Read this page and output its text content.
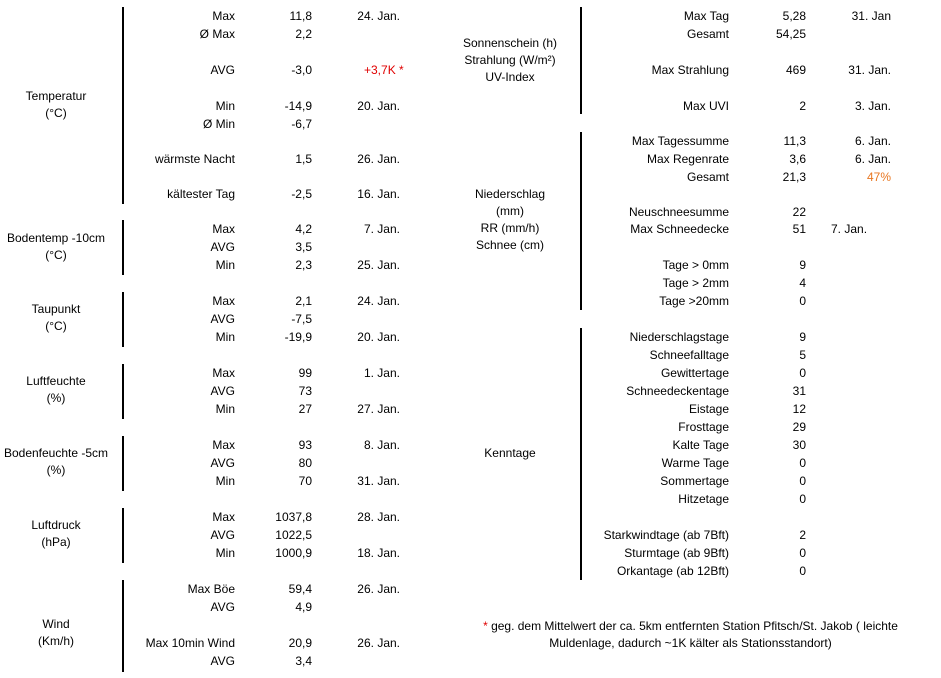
Temperatur
(°C)
Max	11,8	24. Jan.
Ø Max	2,2
AVG	-3,0	+3,7K *
Min	-14,9	20. Jan.
Ø Min	-6,7
wärmste Nacht	1,5	26. Jan.
kältester Tag	-2,5	16. Jan.
Bodentemp -10cm
(°C)
Max	4,2	7. Jan.
AVG	3,5
Min	2,3	25. Jan.
Taupunkt
(°C)
Max	2,1	24. Jan.
AVG	-7,5
Min	-19,9	20. Jan.
Luftfeuchte
(%)
Max	99	1. Jan.
AVG	73
Min	27	27. Jan.
Bodenfeuchte -5cm
(%)
Max	93	8. Jan.
AVG	80
Min	70	31. Jan.
Luftdruck
(hPa)
Max	1037,8	28. Jan.
AVG	1022,5
Min	1000,9	18. Jan.
Wind
(Km/h)
Max Böe	59,4	26. Jan.
AVG	4,9
Max 10min Wind	20,9	26. Jan.
AVG	3,4
Sonnenschein (h)
Strahlung (W/m²)
UV-Index
Max Tag	5,28	31. Jan
Gesamt	54,25
Max Strahlung	469	31. Jan.
Max UVI	2	3. Jan.
Niederschlag
(mm)
RR (mm/h)
Schnee (cm)
Max Tagessumme	11,3	6. Jan.
Max Regenrate	3,6	6. Jan.
Gesamt	21,3	47%
Neuschneesumme	22
Max Schneedecke	51 7. Jan.
Tage > 0mm	9
Tage > 2mm	4
Tage >20mm	0
Kenntage
Niederschlagstage	9
Schneefalltage	5
Gewittertage	0
Schneedeckentage	31
Eistage	12
Frosttage	29
Kalte Tage	30
Warme Tage	0
Sommertage	0
Hitzetage	0
Starkwindtage (ab 7Bft)	2
Sturmtage (ab 9Bft)	0
Orkantage (ab 12Bft)	0
* geg. dem Mittelwert der ca. 5km entfernten Station Pfitsch/St. Jakob ( leichte
Muldenlage, dadurch ~1K kälter als Stationsstandort)
